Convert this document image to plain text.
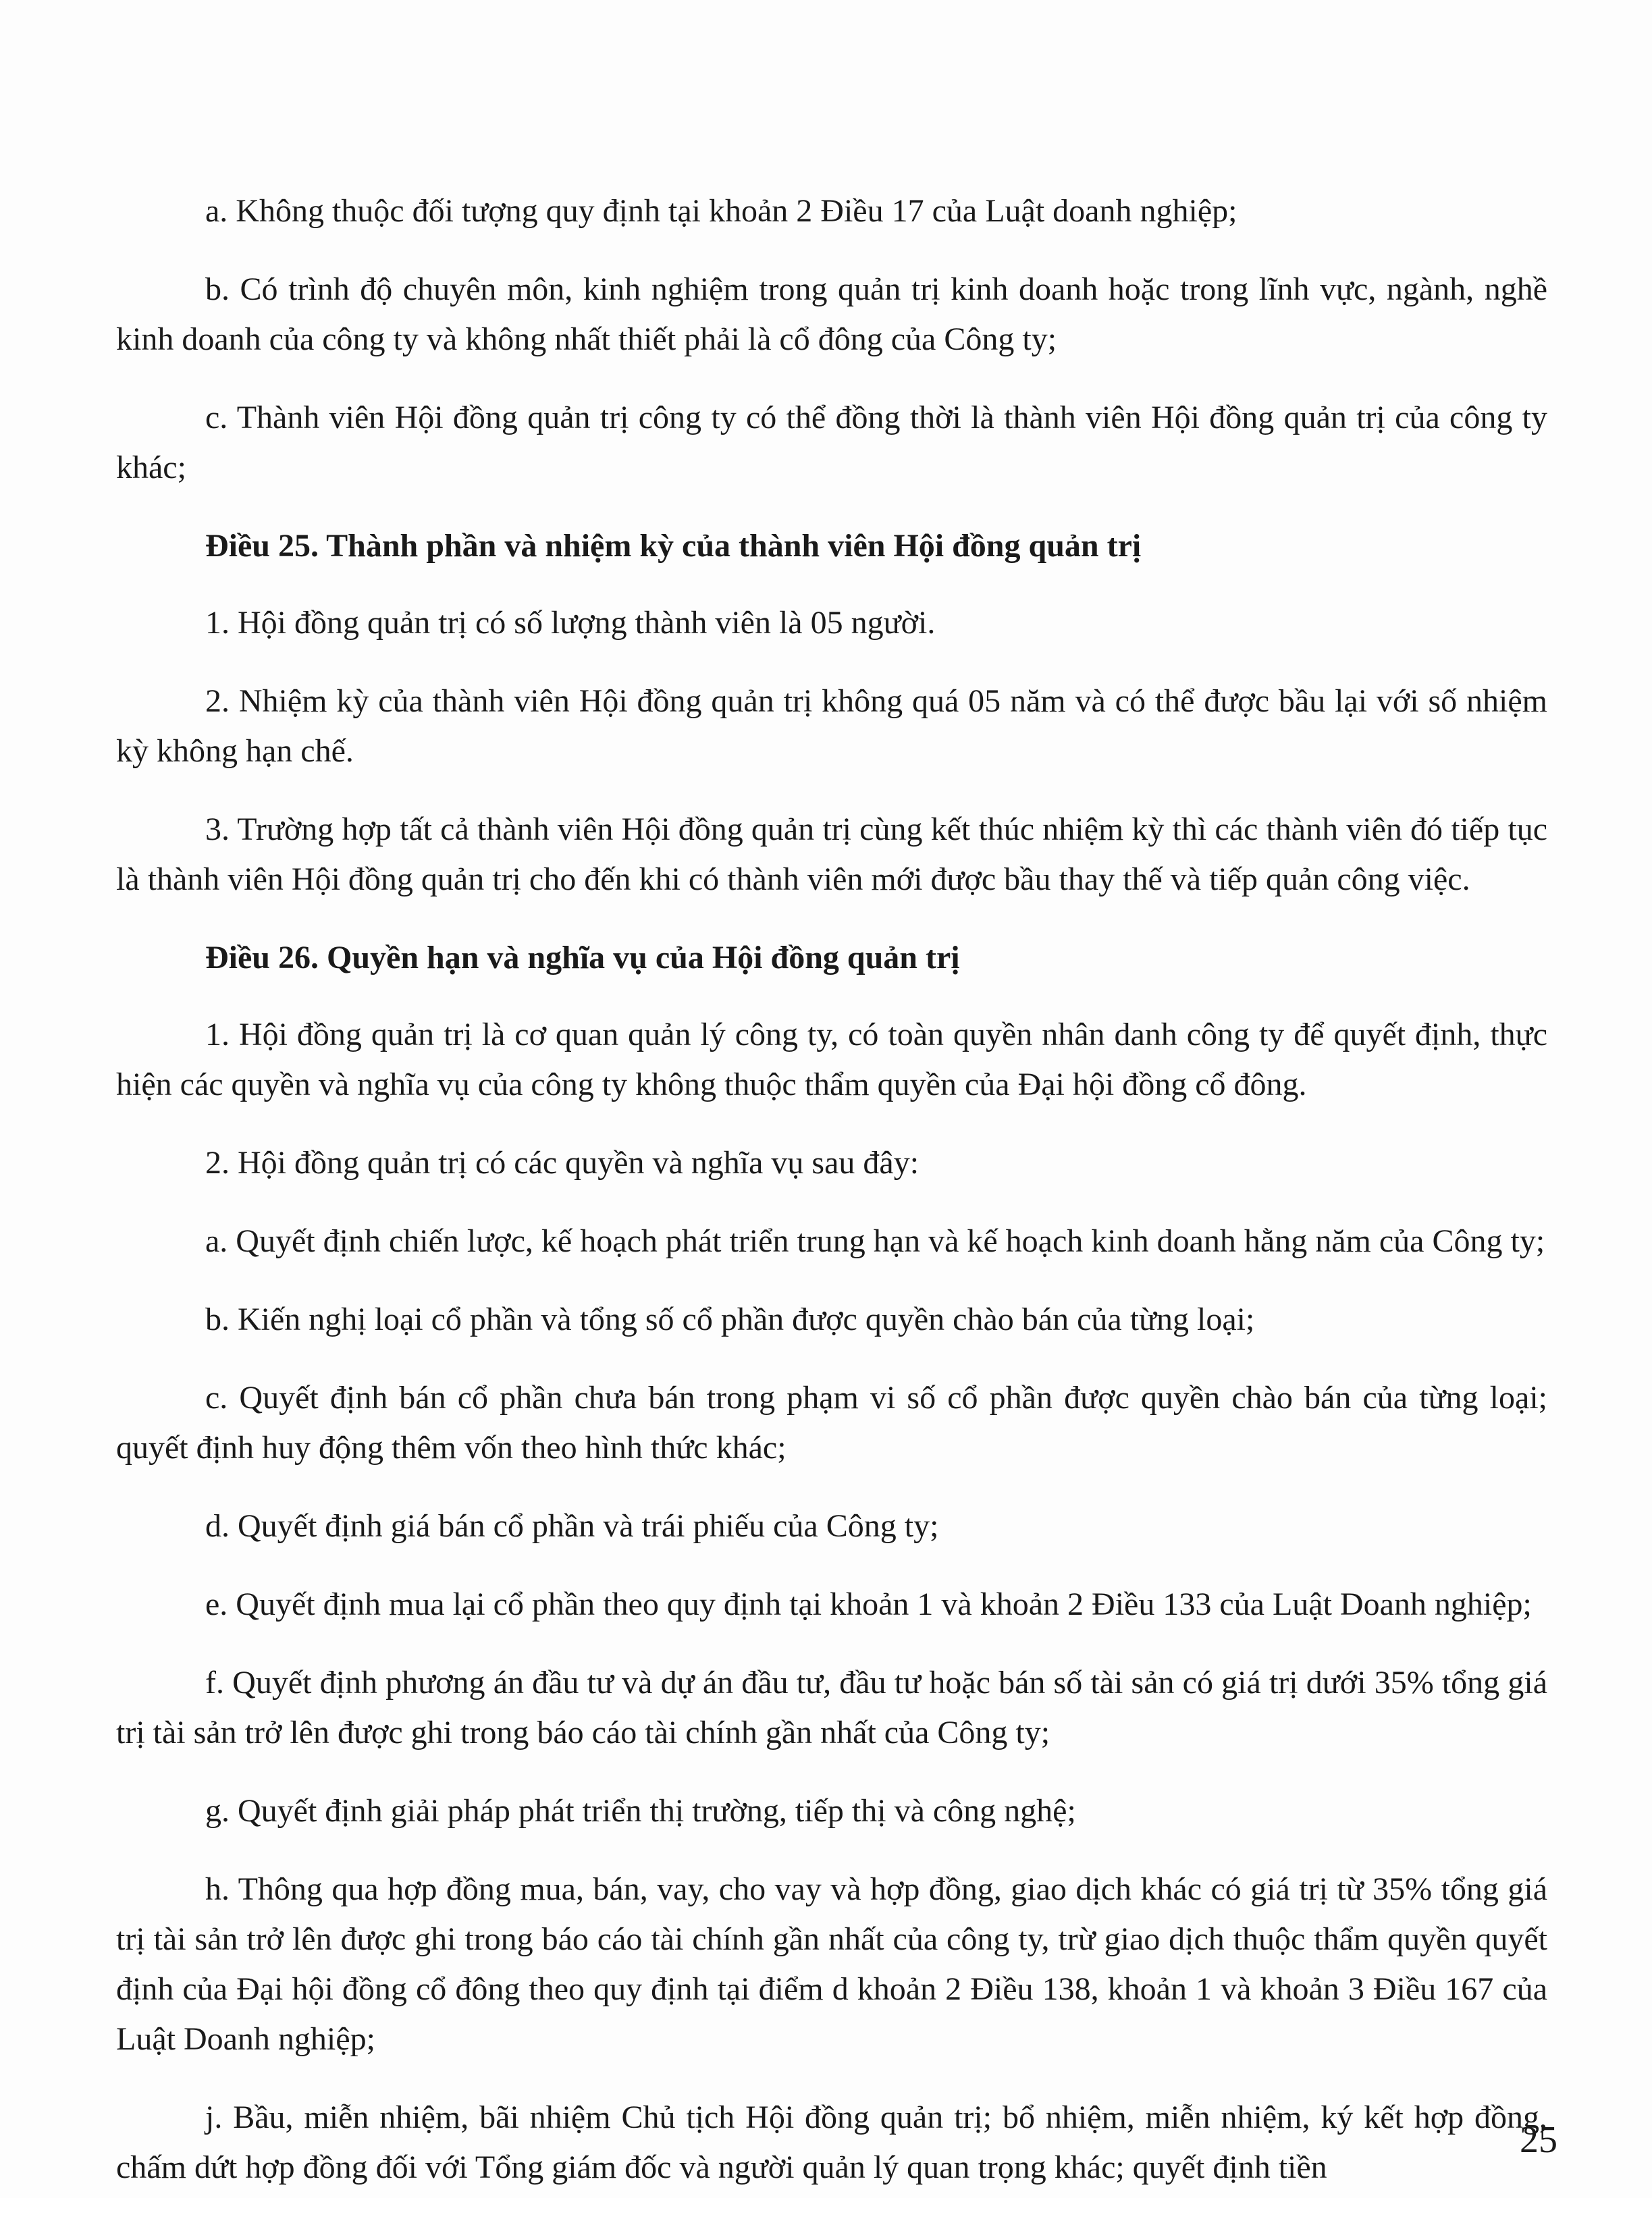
a. Không thuộc đối tượng quy định tại khoản 2 Điều 17 của Luật doanh nghiệp;

b. Có trình độ chuyên môn, kinh nghiệm trong quản trị kinh doanh hoặc trong lĩnh vực, ngành, nghề kinh doanh của công ty và không nhất thiết phải là cổ đông của Công ty;

c. Thành viên Hội đồng quản trị công ty có thể đồng thời là thành viên Hội đồng quản trị của công ty khác;

Điều 25. Thành phần và nhiệm kỳ của thành viên Hội đồng quản trị

1. Hội đồng quản trị có số lượng thành viên là 05 người.

2. Nhiệm kỳ của thành viên Hội đồng quản trị không quá 05 năm và có thể được bầu lại với số nhiệm kỳ không hạn chế.

3. Trường hợp tất cả thành viên Hội đồng quản trị cùng kết thúc nhiệm kỳ thì các thành viên đó tiếp tục là thành viên Hội đồng quản trị cho đến khi có thành viên mới được bầu thay thế và tiếp quản công việc.

Điều 26. Quyền hạn và nghĩa vụ của Hội đồng quản trị

1. Hội đồng quản trị là cơ quan quản lý công ty, có toàn quyền nhân danh công ty để quyết định, thực hiện các quyền và nghĩa vụ của công ty không thuộc thẩm quyền của Đại hội đồng cổ đông.

2. Hội đồng quản trị có các quyền và nghĩa vụ sau đây:

a. Quyết định chiến lược, kế hoạch phát triển trung hạn và kế hoạch kinh doanh hằng năm của Công ty;

b. Kiến nghị loại cổ phần và tổng số cổ phần được quyền chào bán của từng loại;

c. Quyết định bán cổ phần chưa bán trong phạm vi số cổ phần được quyền chào bán của từng loại; quyết định huy động thêm vốn theo hình thức khác;

d. Quyết định giá bán cổ phần và trái phiếu của Công ty;

e. Quyết định mua lại cổ phần theo quy định tại khoản 1 và khoản 2 Điều 133 của Luật Doanh nghiệp;

f. Quyết định phương án đầu tư và dự án đầu tư, đầu tư hoặc bán số tài sản có giá trị dưới 35% tổng giá trị tài sản trở lên được ghi trong báo cáo tài chính gần nhất của Công ty;

g. Quyết định giải pháp phát triển thị trường, tiếp thị và công nghệ;

h. Thông qua hợp đồng mua, bán, vay, cho vay và hợp đồng, giao dịch khác có giá trị từ 35% tổng giá trị tài sản trở lên được ghi trong báo cáo tài chính gần nhất của công ty, trừ giao dịch thuộc thẩm quyền quyết định của Đại hội đồng cổ đông theo quy định tại điểm d khoản 2 Điều 138, khoản 1 và khoản 3 Điều 167 của Luật Doanh nghiệp;

j. Bầu, miễn nhiệm, bãi nhiệm Chủ tịch Hội đồng quản trị; bổ nhiệm, miễn nhiệm, ký kết hợp đồng, chấm dứt hợp đồng đối với Tổng giám đốc và người quản lý quan trọng khác; quyết định tiền

25
